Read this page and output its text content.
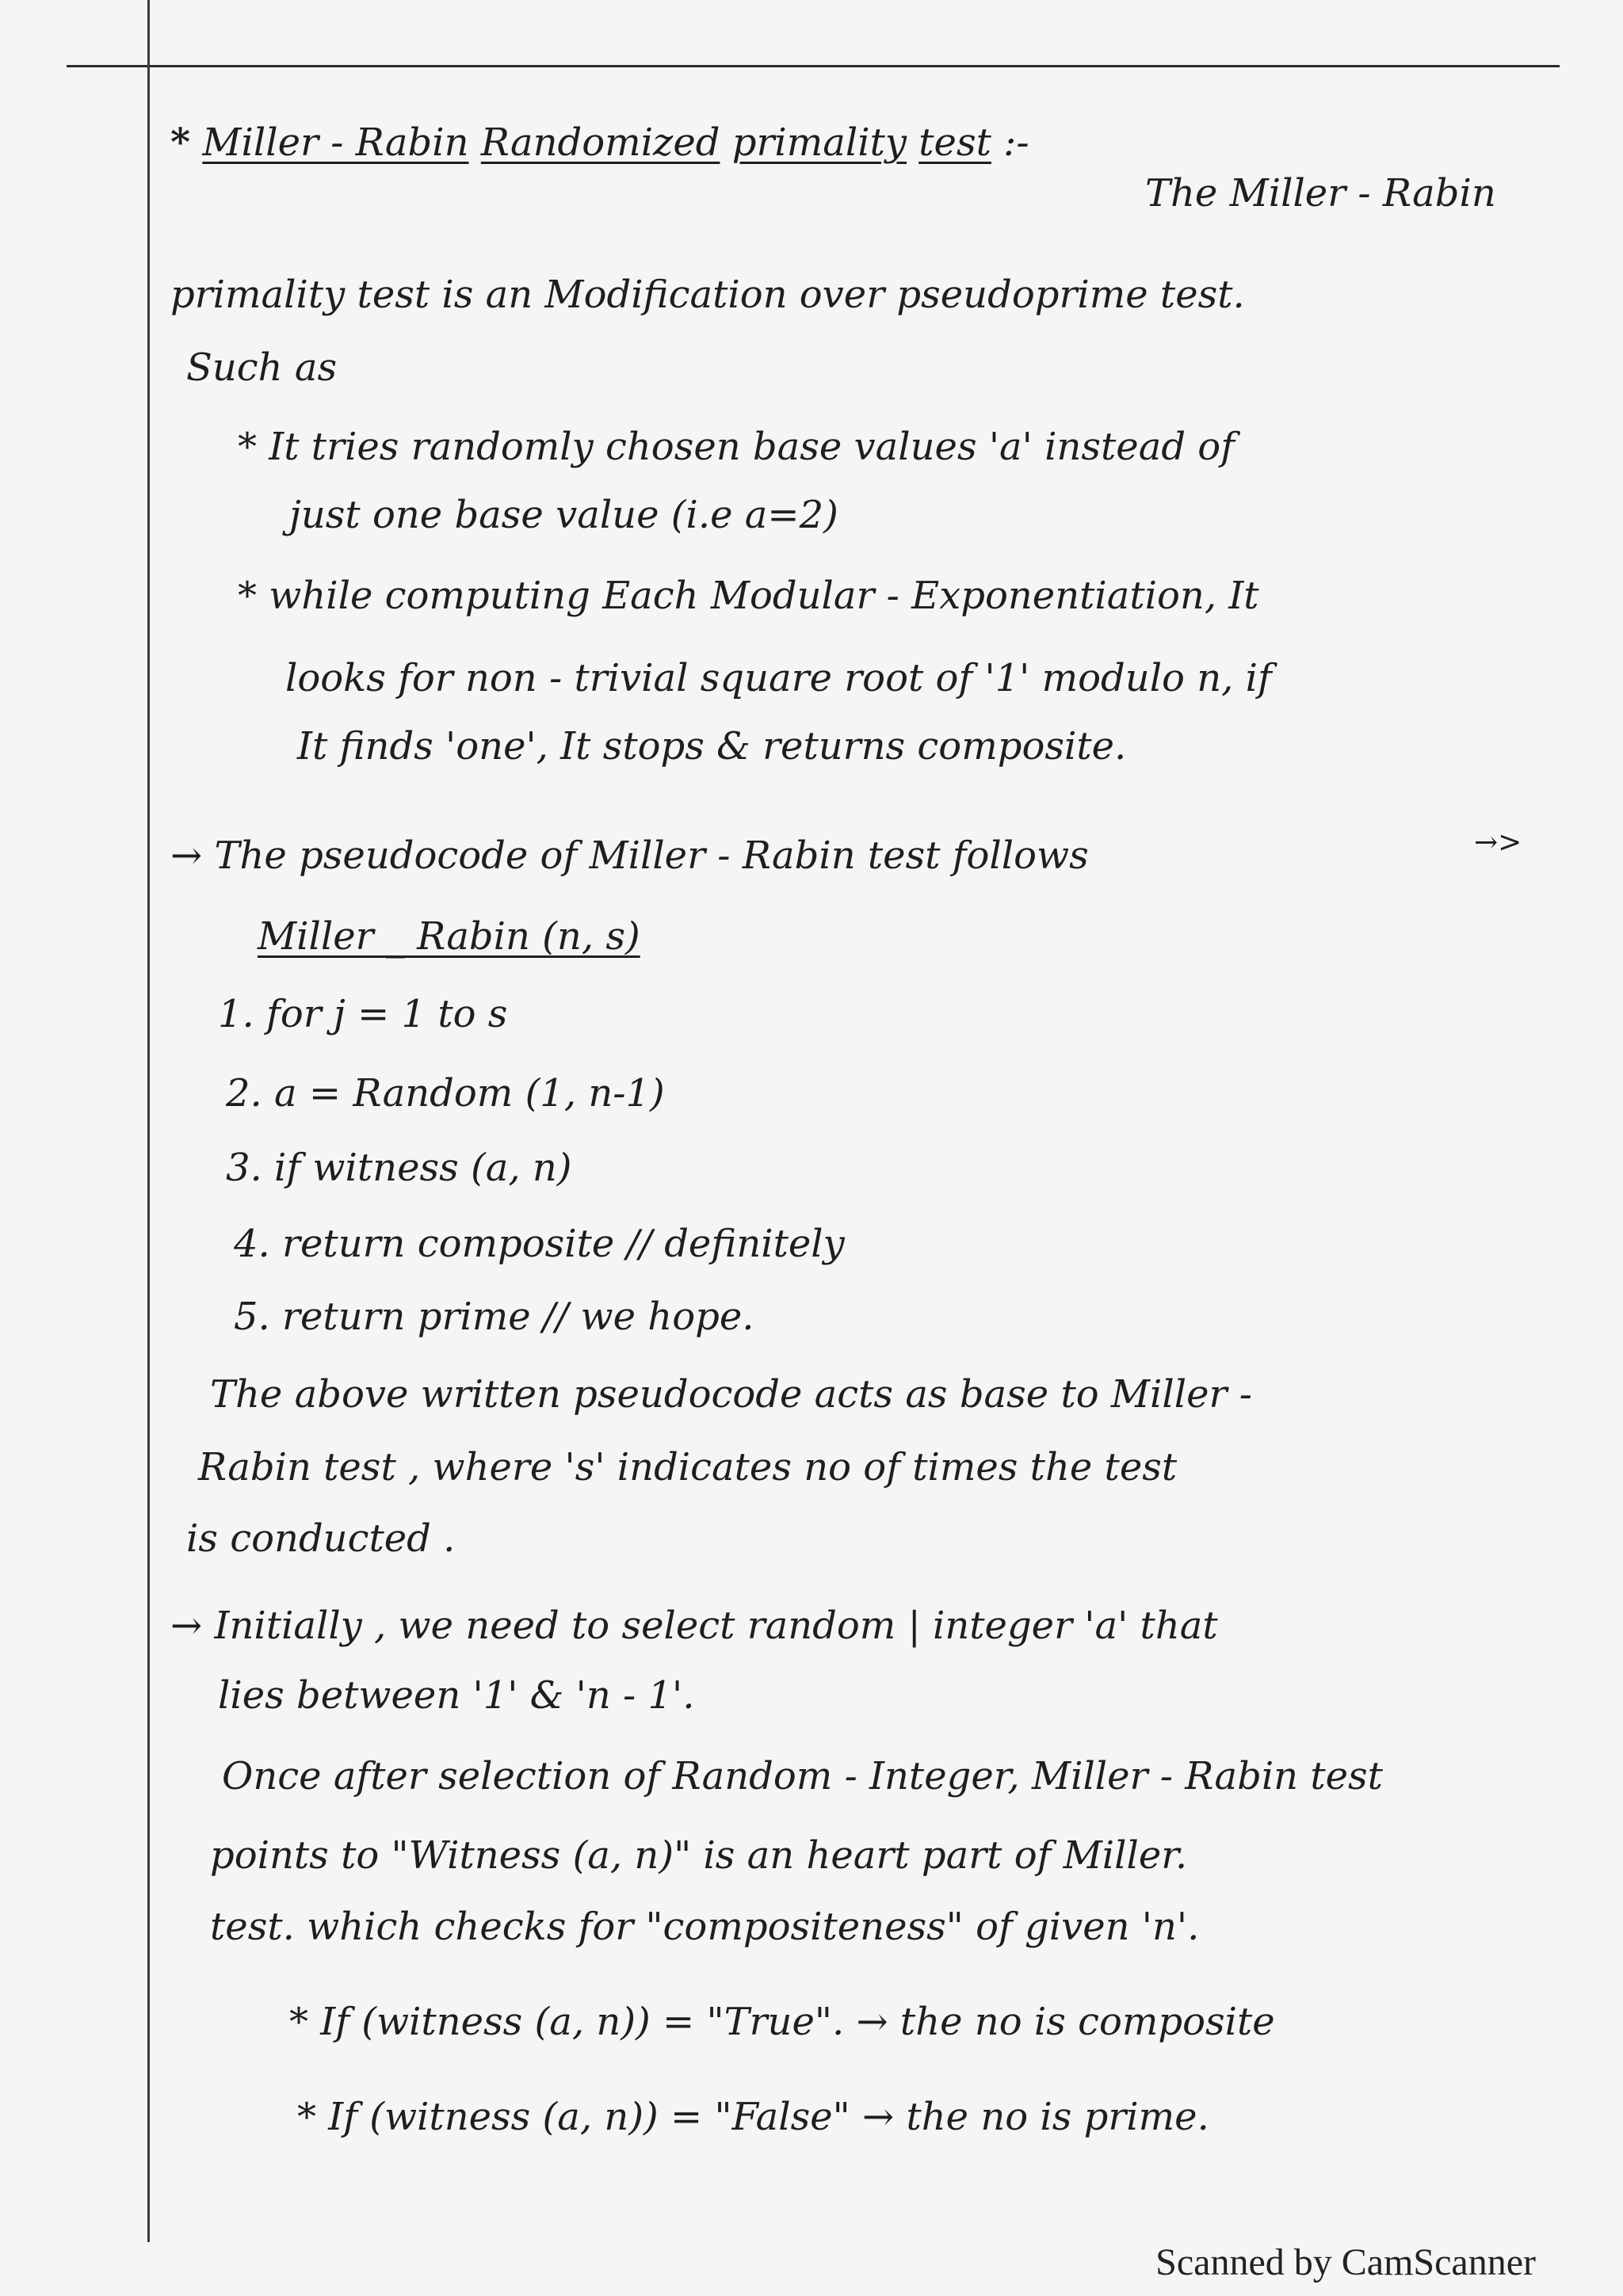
* Miller - Rabin Randomized primality test :-
The Miller - Rabin
primality test is an Modification over pseudoprime test.
Such as
* It tries randomly chosen base values 'a' instead of
just one base value (i.e a=2)
* while computing Each Modular - Exponentiation, It
looks for non - trivial square root of '1' modulo n, if
It finds 'one', It stops & returns composite.
→ The pseudocode of Miller - Rabin test follows	→>
Miller _ Rabin (n, s)
1. for j = 1 to s
2. a = Random (1, n-1)
3. if witness (a, n)
4. return composite // definitely
5. return prime // we hope.
The above written pseudocode acts as base to Miller -
Rabin test , where 's' indicates no of times the test
is conducted .
→ Initially , we need to select random | integer 'a' that
lies between '1' & 'n - 1'.
Once after selection of Random - Integer, Miller - Rabin test
points to "Witness (a, n)" is an heart part of Miller.
test. which checks for "compositeness" of given 'n'.
* If (witness (a, n)) = "True". → the no is composite
* If (witness (a, n)) = "False" → the no is prime.
Scanned by CamScanner
